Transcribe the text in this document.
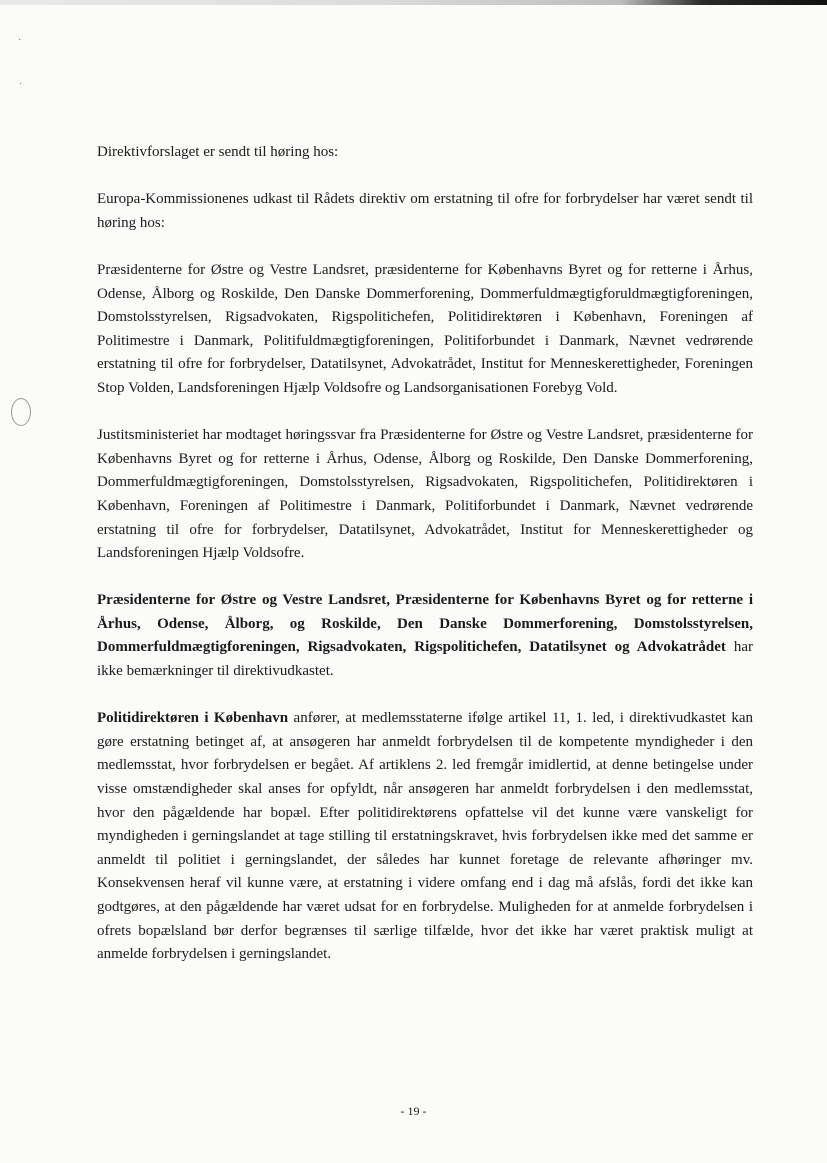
·
·

Direktivforslaget er sendt til høring hos:

Europa-Kommissionenes udkast til Rådets direktiv om erstatning til ofre for forbrydelser har været sendt til høring hos:

Præsidenterne for Østre og Vestre Landsret, præsidenterne for Københavns Byret og for retterne i Århus, Odense, Ålborg og Roskilde, Den Danske Dommerforening, Dommerfuldmægtigforuldmægtigforeningen, Domstolsstyrelsen, Rigsadvokaten, Rigspolitichefen, Politidirektøren i København, Foreningen af Politimestre i Danmark, Politifuldmægtigforeningen, Politiforbundet i Danmark, Nævnet vedrørende erstatning til ofre for forbrydelser, Datatilsynet, Advokatrådet, Institut for Menneskerettigheder, Foreningen Stop Volden, Landsforeningen Hjælp Voldsofre og Landsorganisationen Forebyg Vold.

Justitsministeriet har modtaget høringssvar fra Præsidenterne for Østre og Vestre Landsret, præsidenterne for Københavns Byret og for retterne i Århus, Odense, Ålborg og Roskilde, Den Danske Dommerforening, Dommerfuldmægtigforeningen, Domstolsstyrelsen, Rigsadvokaten, Rigspolitichefen, Politidirektøren i København, Foreningen af Politimestre i Danmark, Politiforbundet i Danmark, Nævnet vedrørende erstatning til ofre for forbrydelser, Datatilsynet, Advokatrådet, Institut for Menneskerettigheder og Landsforeningen Hjælp Voldsofre.

Præsidenterne for Østre og Vestre Landsret, Præsidenterne for Københavns Byret og for retterne i Århus, Odense, Ålborg, og Roskilde, Den Danske Dommerforening, Domstolsstyrelsen, Dommerfuldmægtigforeningen, Rigsadvokaten, Rigspolitichefen, Datatilsynet og Advokatrådet har ikke bemærkninger til direktivudkastet.

Politidirektøren i København anfører, at medlemsstaterne ifølge artikel 11, 1. led, i direktivudkastet kan gøre erstatning betinget af, at ansøgeren har anmeldt forbrydelsen til de kompetente myndigheder i den medlemsstat, hvor forbrydelsen er begået. Af artiklens 2. led fremgår imidlertid, at denne betingelse under visse omstændigheder skal anses for opfyldt, når ansøgeren har anmeldt forbrydelsen i den medlemsstat, hvor den pågældende har bopæl. Efter politidirektørens opfattelse vil det kunne være vanskeligt for myndigheden i gerningslandet at tage stilling til erstatningskravet, hvis forbrydelsen ikke med det samme er anmeldt til politiet i gerningslandet, der således har kunnet foretage de relevante afhøringer mv. Konsekvensen heraf vil kunne være, at erstatning i videre omfang end i dag må afslås, fordi det ikke kan godtgøres, at den pågældende har været udsat for en forbrydelse. Muligheden for at anmelde forbrydelsen i ofrets bopælsland bør derfor begrænses til særlige tilfælde, hvor det ikke har været praktisk muligt at anmelde forbrydelsen i gerningslandet.

- 19 -
